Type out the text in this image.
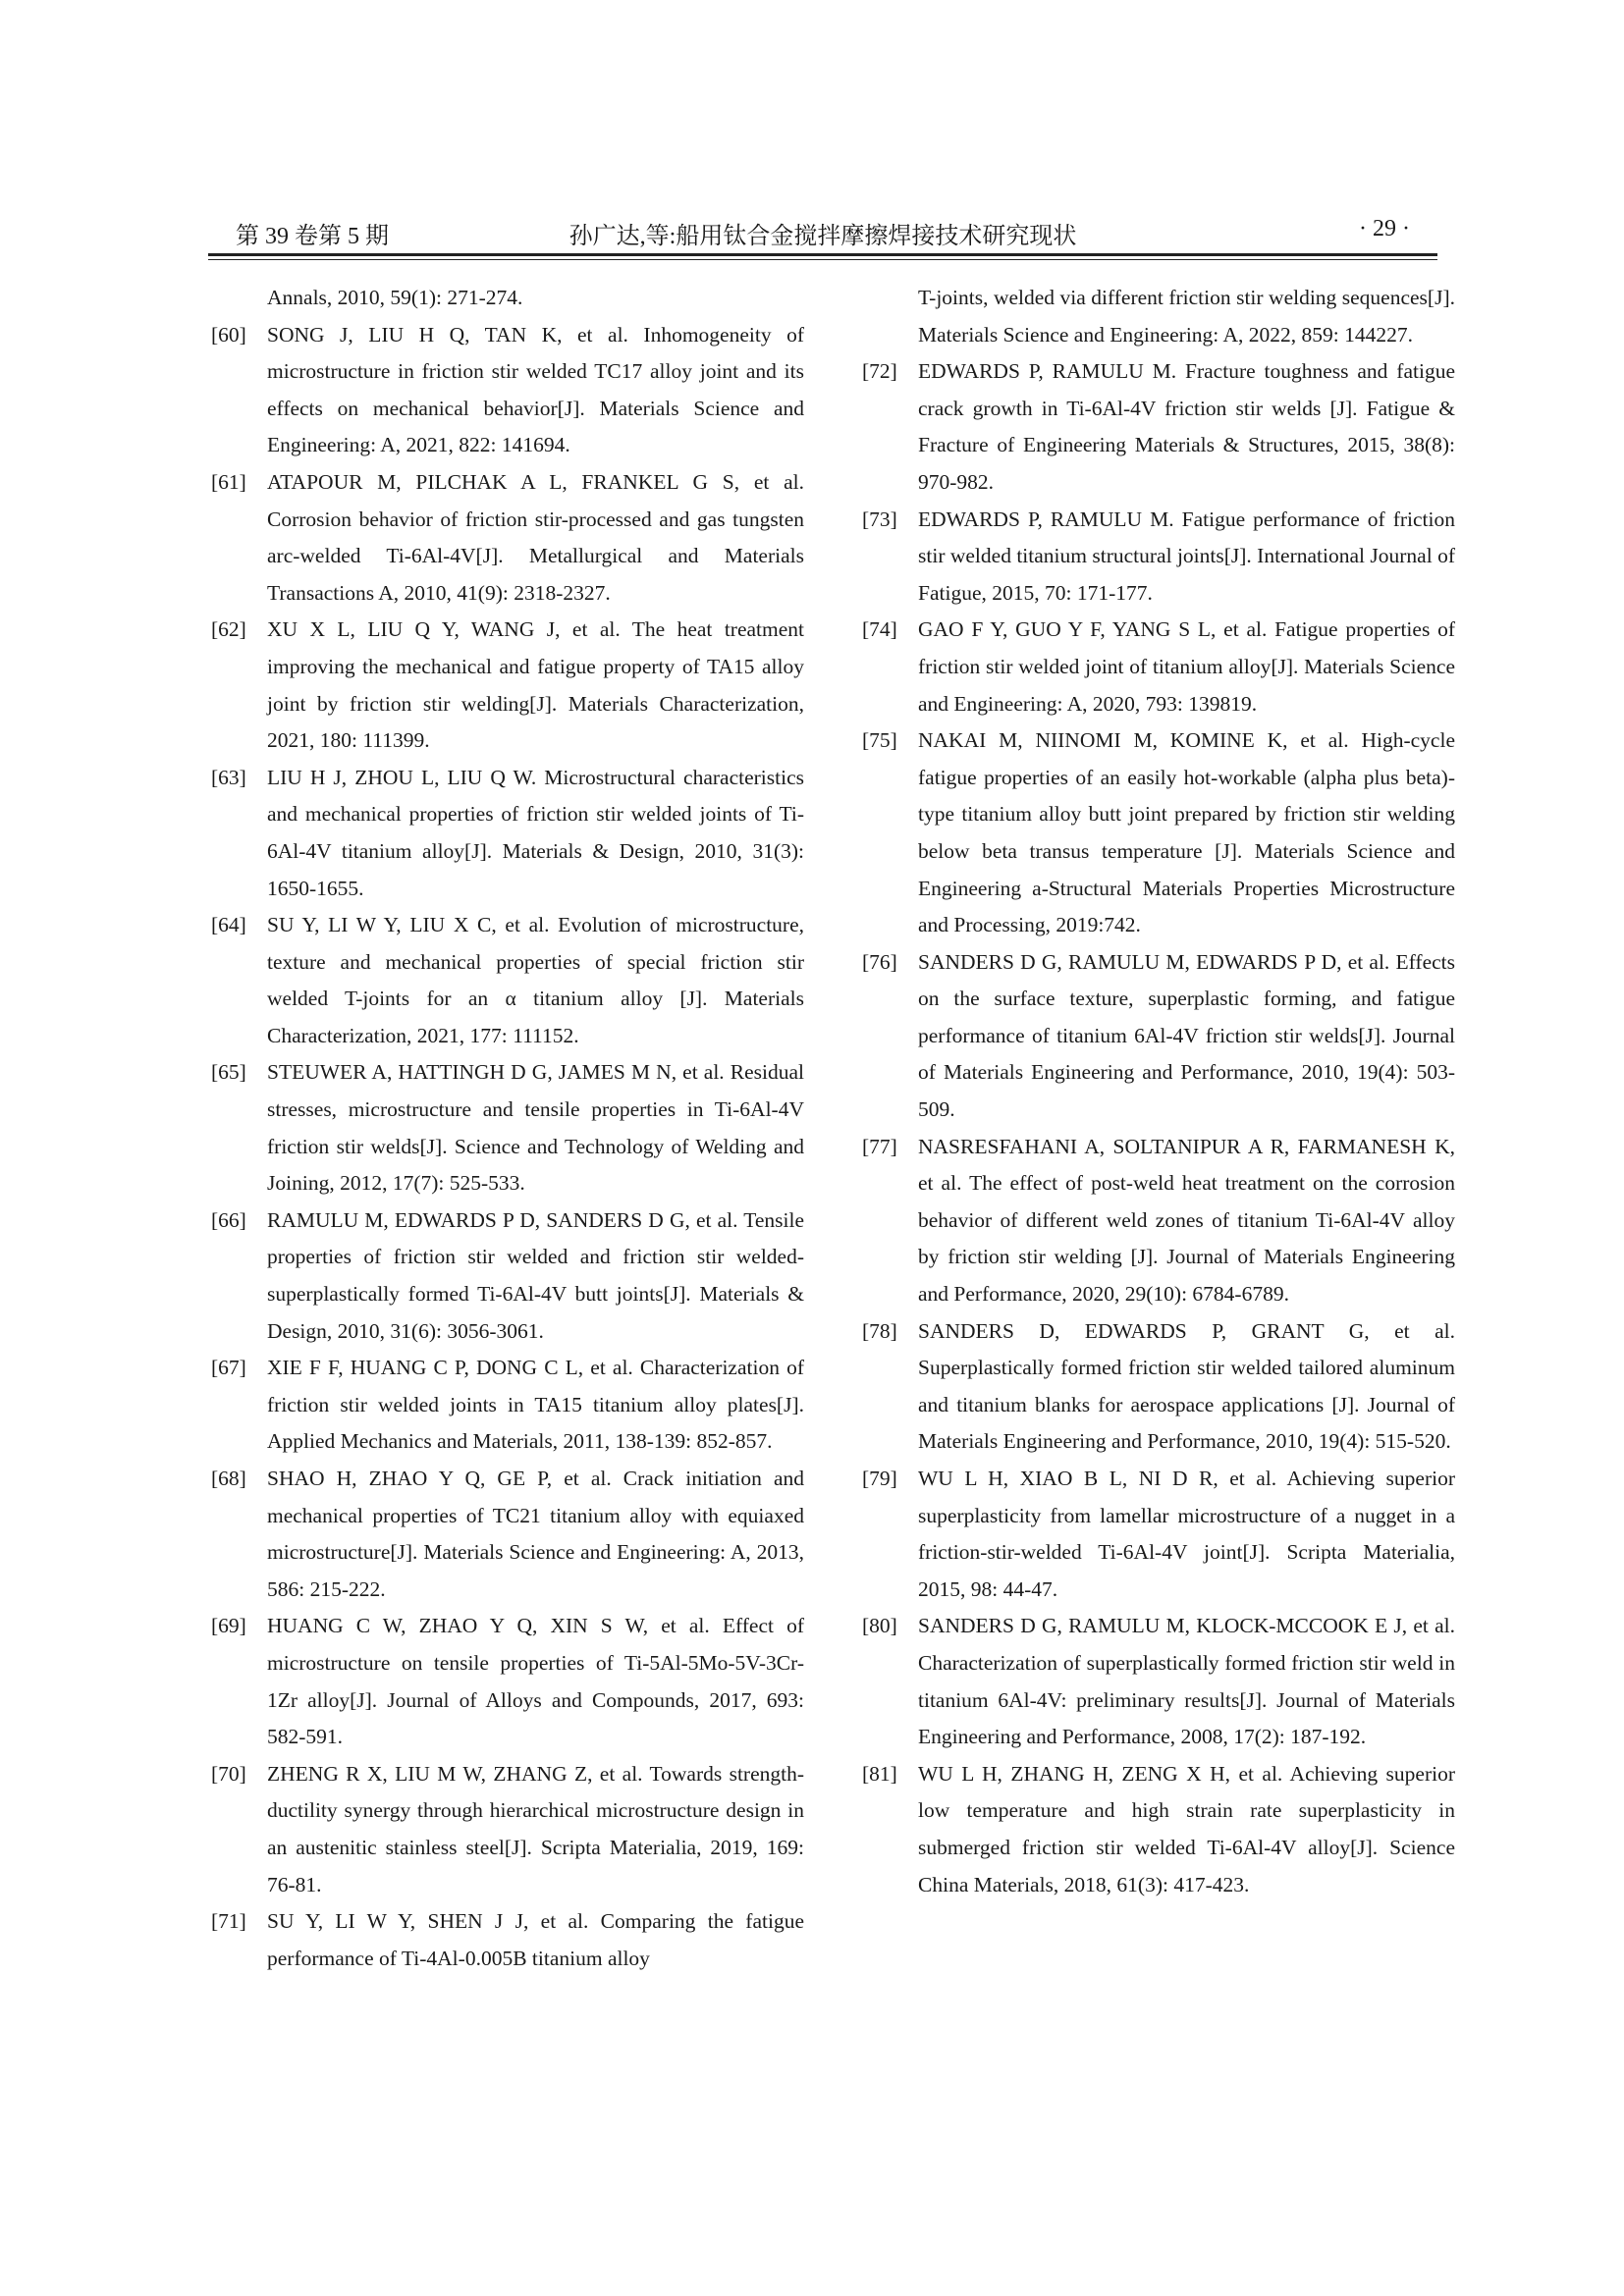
第 39 卷第 5 期	孙广达,等:船用钛合金搅拌摩擦焊接技术研究现状	· 29 ·
Annals, 2010, 59(1): 271-274.
[60] SONG J, LIU H Q, TAN K, et al. Inhomogeneity of microstructure in friction stir welded TC17 alloy joint and its effects on mechanical behavior[J]. Materials Science and Engineering: A, 2021, 822: 141694.
[61] ATAPOUR M, PILCHAK A L, FRANKEL G S, et al. Corrosion behavior of friction stir-processed and gas tungsten arc-welded Ti-6Al-4V[J]. Metallurgical and Materials Transactions A, 2010, 41(9): 2318-2327.
[62] XU X L, LIU Q Y, WANG J, et al. The heat treatment improving the mechanical and fatigue property of TA15 alloy joint by friction stir welding[J]. Materials Characterization, 2021, 180: 111399.
[63] LIU H J, ZHOU L, LIU Q W. Microstructural characteristics and mechanical properties of friction stir welded joints of Ti-6Al-4V titanium alloy[J]. Materials & Design, 2010, 31(3): 1650-1655.
[64] SU Y, LI W Y, LIU X C, et al. Evolution of microstructure, texture and mechanical properties of special friction stir welded T-joints for an α titanium alloy [J]. Materials Characterization, 2021, 177: 111152.
[65] STEUWER A, HATTINGH D G, JAMES M N, et al. Residual stresses, microstructure and tensile properties in Ti-6Al-4V friction stir welds[J]. Science and Technology of Welding and Joining, 2012, 17(7): 525-533.
[66] RAMULU M, EDWARDS P D, SANDERS D G, et al. Tensile properties of friction stir welded and friction stir welded-superplastically formed Ti-6Al-4V butt joints[J]. Materials & Design, 2010, 31(6): 3056-3061.
[67] XIE F F, HUANG C P, DONG C L, et al. Characterization of friction stir welded joints in TA15 titanium alloy plates[J]. Applied Mechanics and Materials, 2011, 138-139: 852-857.
[68] SHAO H, ZHAO Y Q, GE P, et al. Crack initiation and mechanical properties of TC21 titanium alloy with equiaxed microstructure[J]. Materials Science and Engineering: A, 2013, 586: 215-222.
[69] HUANG C W, ZHAO Y Q, XIN S W, et al. Effect of microstructure on tensile properties of Ti-5Al-5Mo-5V-3Cr-1Zr alloy[J]. Journal of Alloys and Compounds, 2017, 693: 582-591.
[70] ZHENG R X, LIU M W, ZHANG Z, et al. Towards strength-ductility synergy through hierarchical microstructure design in an austenitic stainless steel[J]. Scripta Materialia, 2019, 169: 76-81.
[71] SU Y, LI W Y, SHEN J J, et al. Comparing the fatigue performance of Ti-4Al-0.005B titanium alloy
T-joints, welded via different friction stir welding sequences[J]. Materials Science and Engineering: A, 2022, 859: 144227.
[72] EDWARDS P, RAMULU M. Fracture toughness and fatigue crack growth in Ti-6Al-4V friction stir welds [J]. Fatigue & Fracture of Engineering Materials & Structures, 2015, 38(8): 970-982.
[73] EDWARDS P, RAMULU M. Fatigue performance of friction stir welded titanium structural joints[J]. International Journal of Fatigue, 2015, 70: 171-177.
[74] GAO F Y, GUO Y F, YANG S L, et al. Fatigue properties of friction stir welded joint of titanium alloy[J]. Materials Science and Engineering: A, 2020, 793: 139819.
[75] NAKAI M, NIINOMI M, KOMINE K, et al. High-cycle fatigue properties of an easily hot-workable (alpha plus beta)-type titanium alloy butt joint prepared by friction stir welding below beta transus temperature [J]. Materials Science and Engineering a-Structural Materials Properties Microstructure and Processing, 2019:742.
[76] SANDERS D G, RAMULU M, EDWARDS P D, et al. Effects on the surface texture, superplastic forming, and fatigue performance of titanium 6Al-4V friction stir welds[J]. Journal of Materials Engineering and Performance, 2010, 19(4): 503-509.
[77] NASRESFAHANI A, SOLTANIPUR A R, FARMANESH K, et al. The effect of post-weld heat treatment on the corrosion behavior of different weld zones of titanium Ti-6Al-4V alloy by friction stir welding [J]. Journal of Materials Engineering and Performance, 2020, 29(10): 6784-6789.
[78] SANDERS D, EDWARDS P, GRANT G, et al. Superplastically formed friction stir welded tailored aluminum and titanium blanks for aerospace applications [J]. Journal of Materials Engineering and Performance, 2010, 19(4): 515-520.
[79] WU L H, XIAO B L, NI D R, et al. Achieving superior superplasticity from lamellar microstructure of a nugget in a friction-stir-welded Ti-6Al-4V joint[J]. Scripta Materialia, 2015, 98: 44-47.
[80] SANDERS D G, RAMULU M, KLOCK-MCCOOK E J, et al. Characterization of superplastically formed friction stir weld in titanium 6Al-4V: preliminary results[J]. Journal of Materials Engineering and Performance, 2008, 17(2): 187-192.
[81] WU L H, ZHANG H, ZENG X H, et al. Achieving superior low temperature and high strain rate superplasticity in submerged friction stir welded Ti-6Al-4V alloy[J]. Science China Materials, 2018, 61(3): 417-423.
